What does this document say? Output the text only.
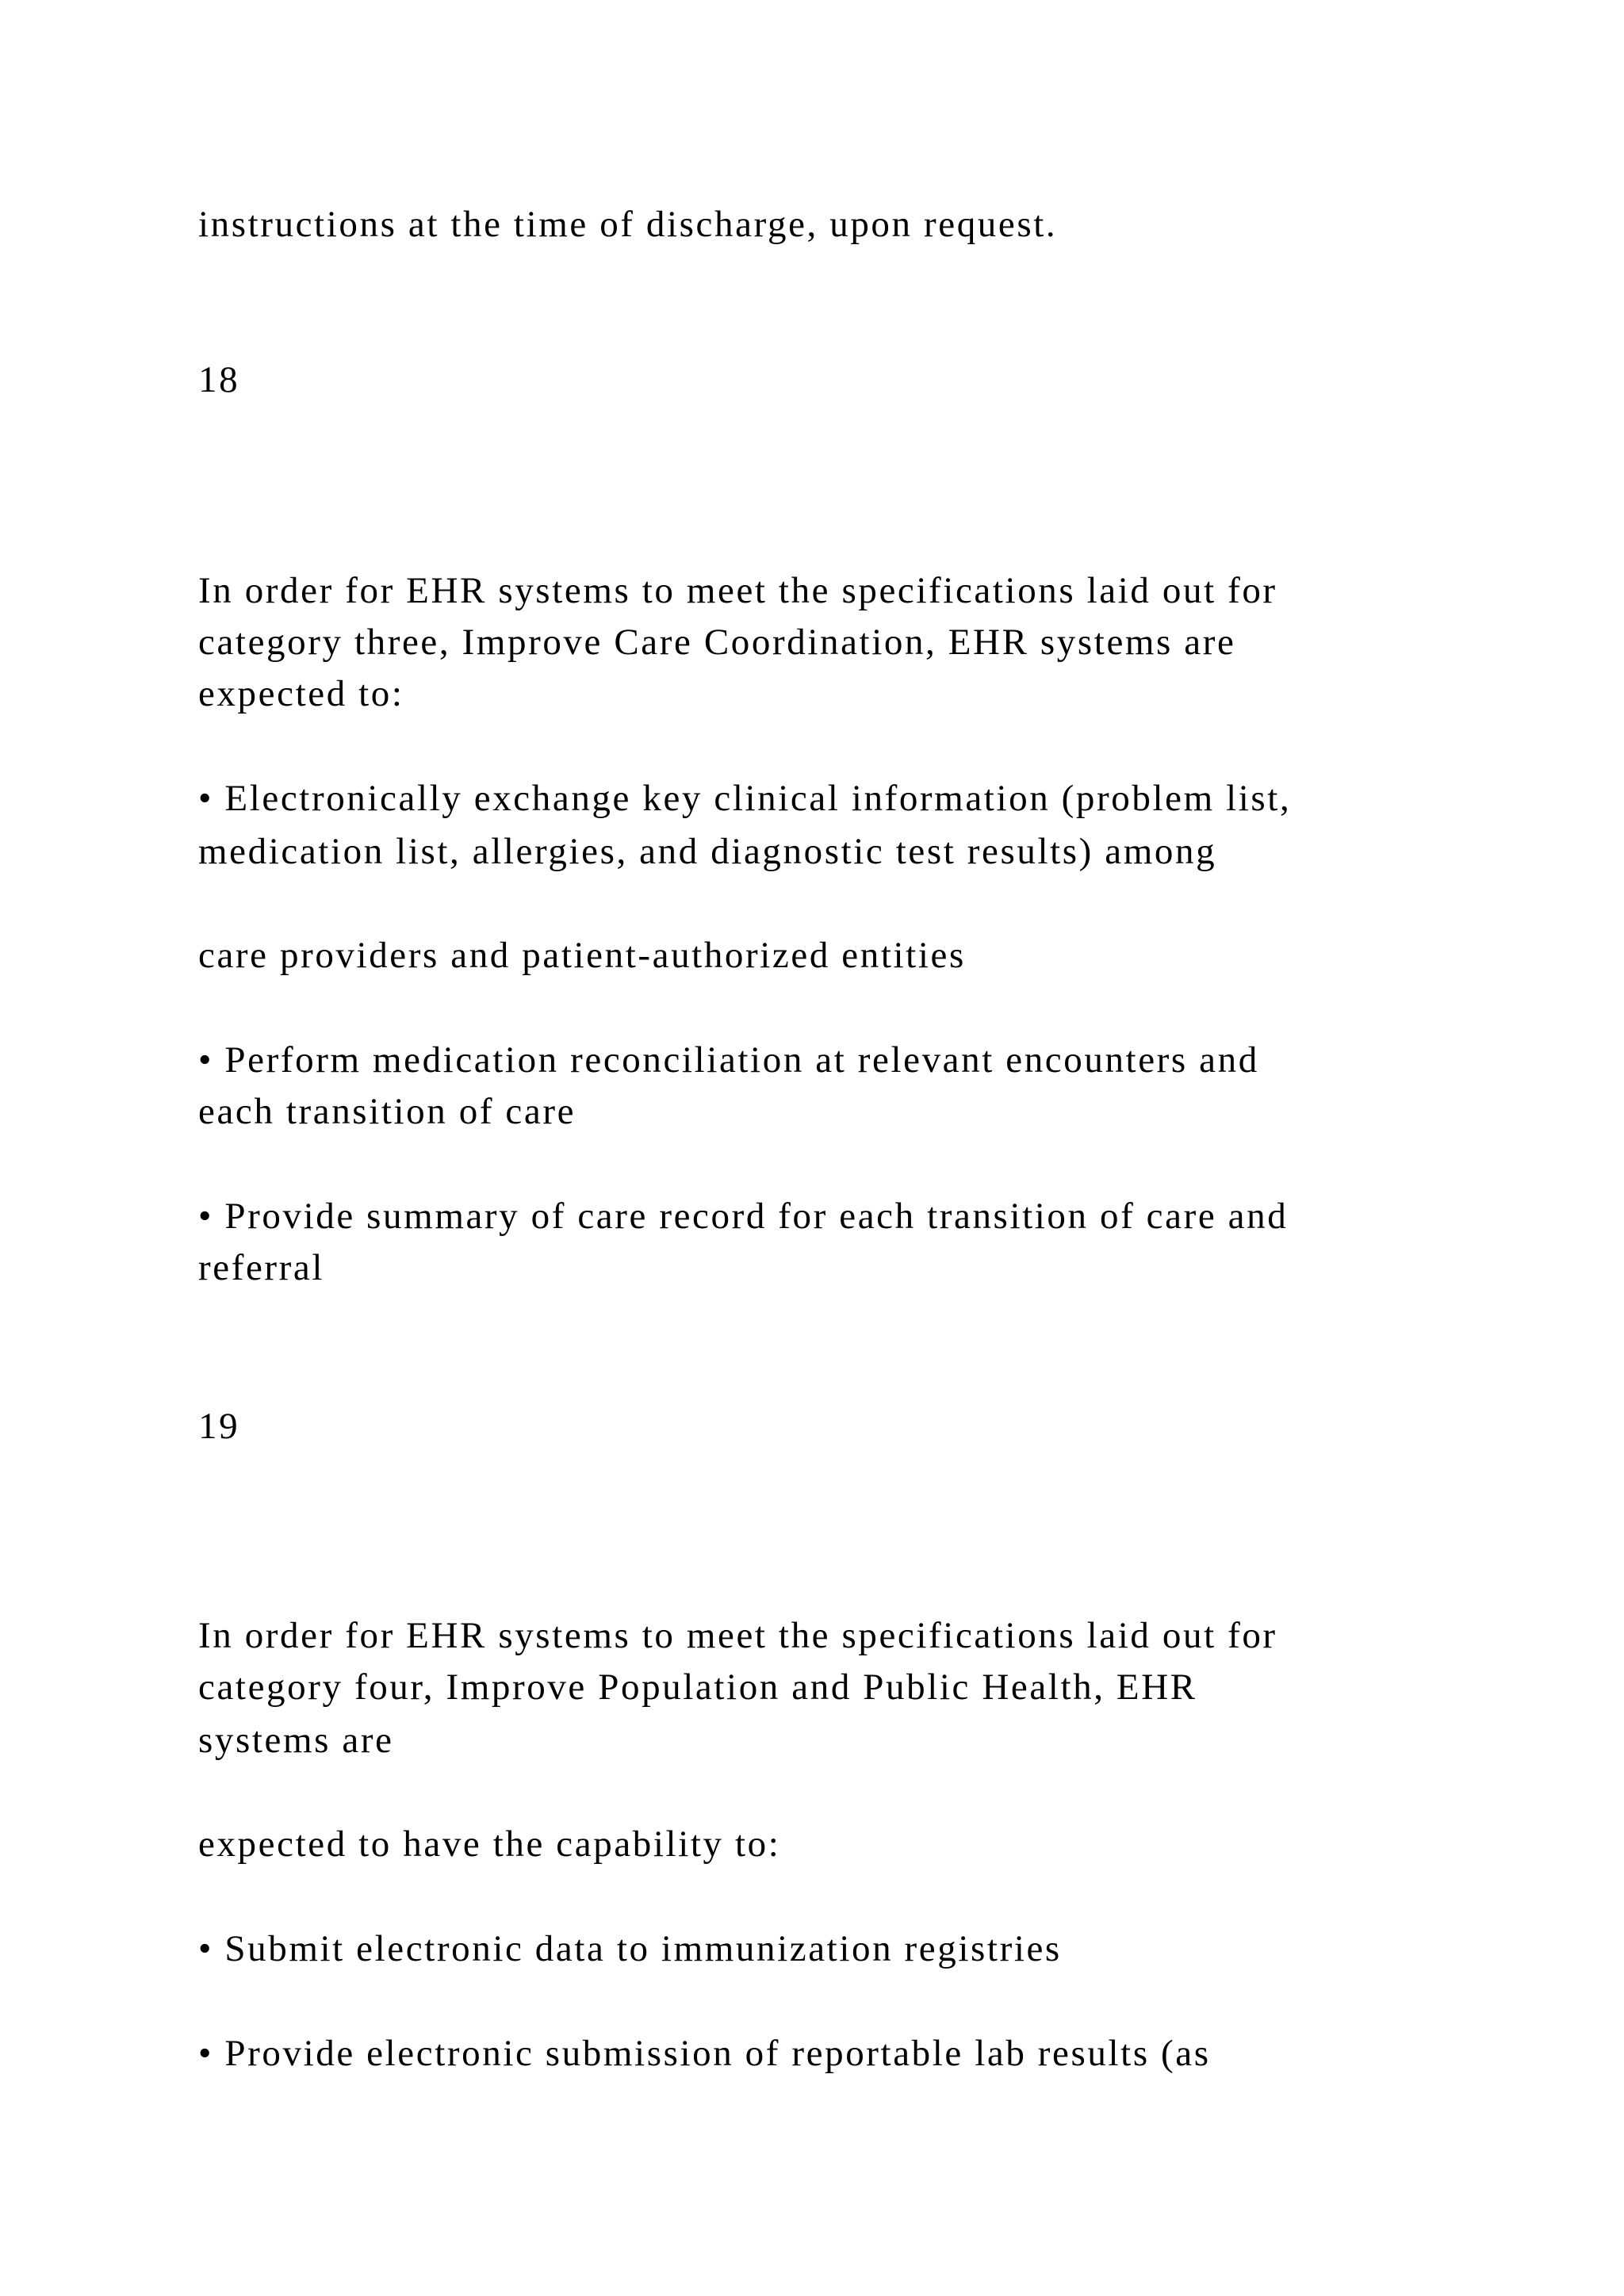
instructions at the time of discharge, upon request.
18
In order for EHR systems to meet the specifications laid out for
category three, Improve Care Coordination, EHR systems are
expected to:
• Electronically exchange key clinical information (problem list,
medication list, allergies, and diagnostic test results) among
care providers and patient-authorized entities
• Perform medication reconciliation at relevant encounters and
each transition of care
• Provide summary of care record for each transition of care and
referral
19
In order for EHR systems to meet the specifications laid out for
category four, Improve Population and Public Health, EHR
systems are
expected to have the capability to:
• Submit electronic data to immunization registries
• Provide electronic submission of reportable lab results (as
